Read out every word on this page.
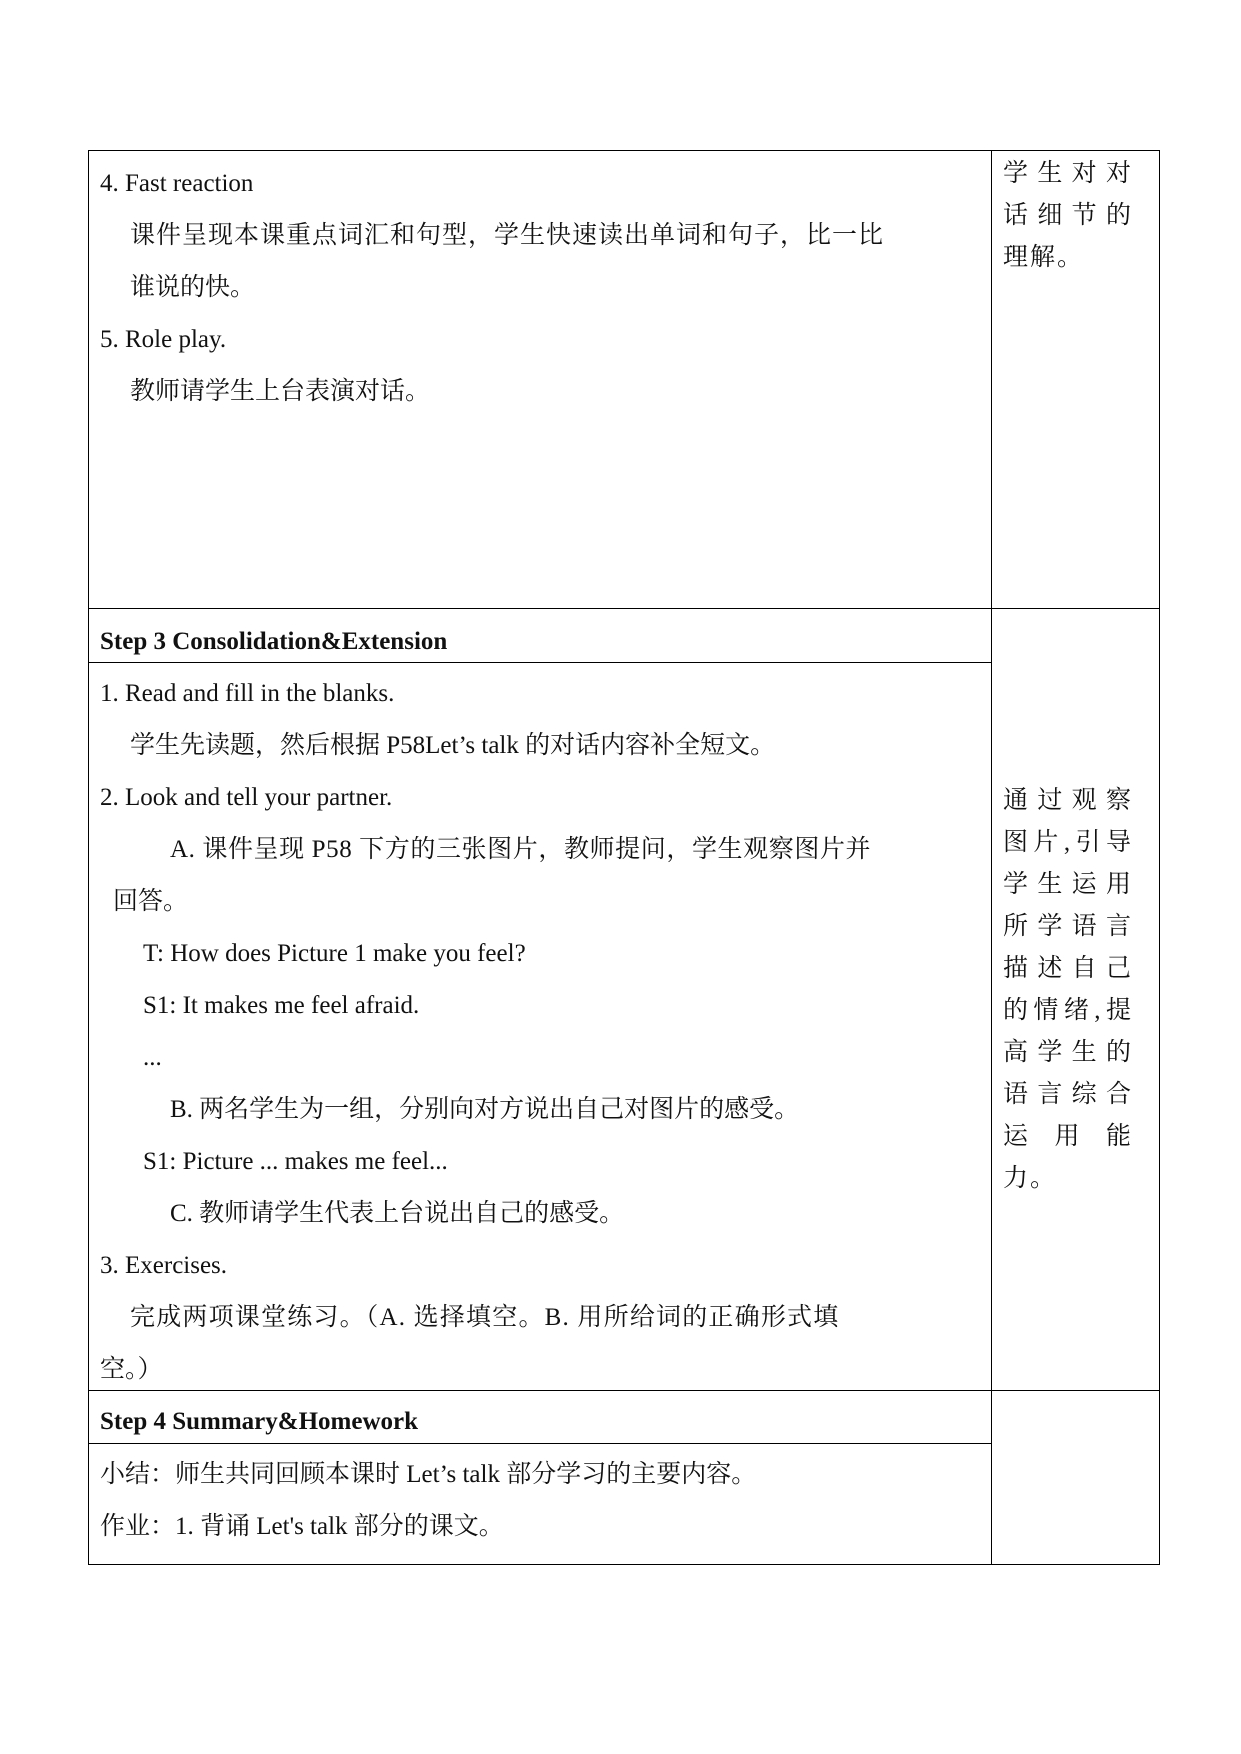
4. Fast reaction
课件呈现本课重点词汇和句型，学生快速读出单词和句子，比一比
谁说的快。
5. Role play.
教师请学生上台表演对话。
学生对对
话细节的
理解。
Step 3 Consolidation&Extension
1. Read and fill in the blanks.
学生先读题，然后根据 P58Let’s talk 的对话内容补全短文。
2. Look and tell your partner.
A. 课件呈现 P58 下方的三张图片，教师提问，学生观察图片并
回答。
T: How does Picture 1 make you feel?
S1: It makes me feel afraid.
...
B. 两名学生为一组，分别向对方说出自己对图片的感受。
S1: Picture ... makes me feel...
C. 教师请学生代表上台说出自己的感受。
3. Exercises.
完成两项课堂练习。（A. 选择填空。B. 用所给词的正确形式填
空。）
通过观察
图片,引导
学生运用
所学语言
描述自己
的情绪,提
高学生的
语言综合
运用能力。
Step 4 Summary&Homework
小结：师生共同回顾本课时 Let’s talk 部分学习的主要内容。
作业：1. 背诵 Let's talk 部分的课文。
